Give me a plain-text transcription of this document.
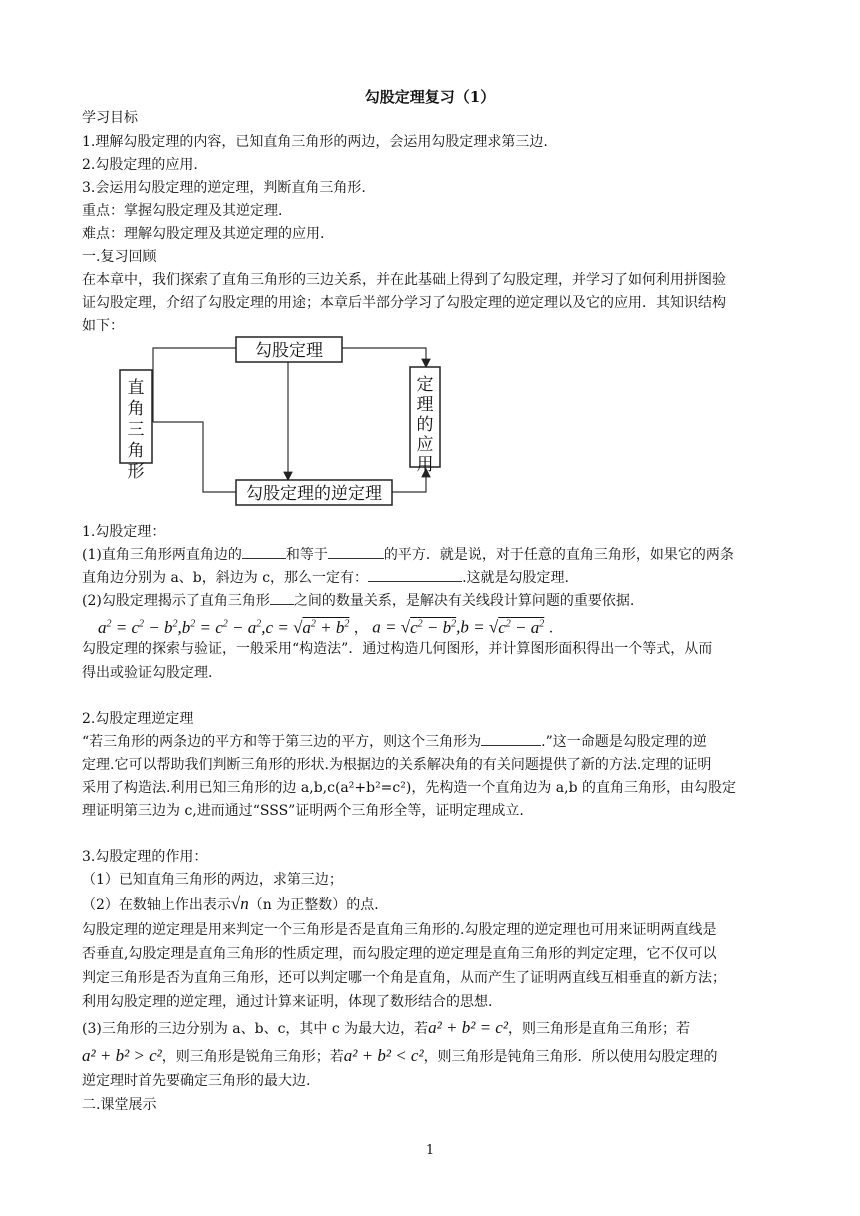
勾股定理复习（1）
学习目标
1.理解勾股定理的内容，已知直角三角形的两边，会运用勾股定理求第三边.
2.勾股定理的应用.
3.会运用勾股定理的逆定理，判断直角三角形.
重点：掌握勾股定理及其逆定理.
难点：理解勾股定理及其逆定理的应用.
一.复习回顾
在本章中，我们探索了直角三角形的三边关系，并在此基础上得到了勾股定理，并学习了如何利用拼图验
证勾股定理，介绍了勾股定理的用途；本章后半部分学习了勾股定理的逆定理以及它的应用．其知识结构
如下：
直角三角形
勾股定理
勾股定理的逆定理
定理的应用
1.勾股定理：
(1)直角三角形两直角边的	和等于	的平方．就是说，对于任意的直角三角形，如果它的两条
直角边分别为 a、b，斜边为 c，那么一定有：	.这就是勾股定理.
(2)勾股定理揭示了直角三角形 之间的数量关系，是解决有关线段计算问题的重要依据.
$a^2 = c^2 - b^2,b^2 = c^2 - a^2,c = √a^2 + b^2$ ， $a = √c^2 - b^2,b = √c^2 - a^2$ .
勾股定理的探索与验证，一般采用“构造法”．通过构造几何图形，并计算图形面积得出一个等式，从而
得出或验证勾股定理.
2.勾股定理逆定理
“若三角形的两条边的平方和等于第三边的平方，则这个三角形为	.”这一命题是勾股定理的逆
定理.它可以帮助我们判断三角形的形状.为根据边的关系解决角的有关问题提供了新的方法.定理的证明
采用了构造法.利用已知三角形的边 a,b,c(a²+b²=c²)，先构造一个直角边为 a,b 的直角三角形，由勾股定
理证明第三边为 c,进而通过“SSS”证明两个三角形全等，证明定理成立.
3.勾股定理的作用：
（1）已知直角三角形的两边，求第三边；
（2）在数轴上作出表示√n（n 为正整数）的点.
勾股定理的逆定理是用来判定一个三角形是否是直角三角形的.勾股定理的逆定理也可用来证明两直线是
否垂直,勾股定理是直角三角形的性质定理，而勾股定理的逆定理是直角三角形的判定定理，它不仅可以
判定三角形是否为直角三角形，还可以判定哪一个角是直角，从而产生了证明两直线互相垂直的新方法；
利用勾股定理的逆定理，通过计算来证明，体现了数形结合的思想.
(3)三角形的三边分别为 a、b、c，其中 c 为最大边，若a² + b² = c²，则三角形是直角三角形；若
a² + b² > c²，则三角形是锐角三角形；若a² + b² < c²，则三角形是钝角三角形．所以使用勾股定理的
逆定理时首先要确定三角形的最大边.
二.课堂展示
1
